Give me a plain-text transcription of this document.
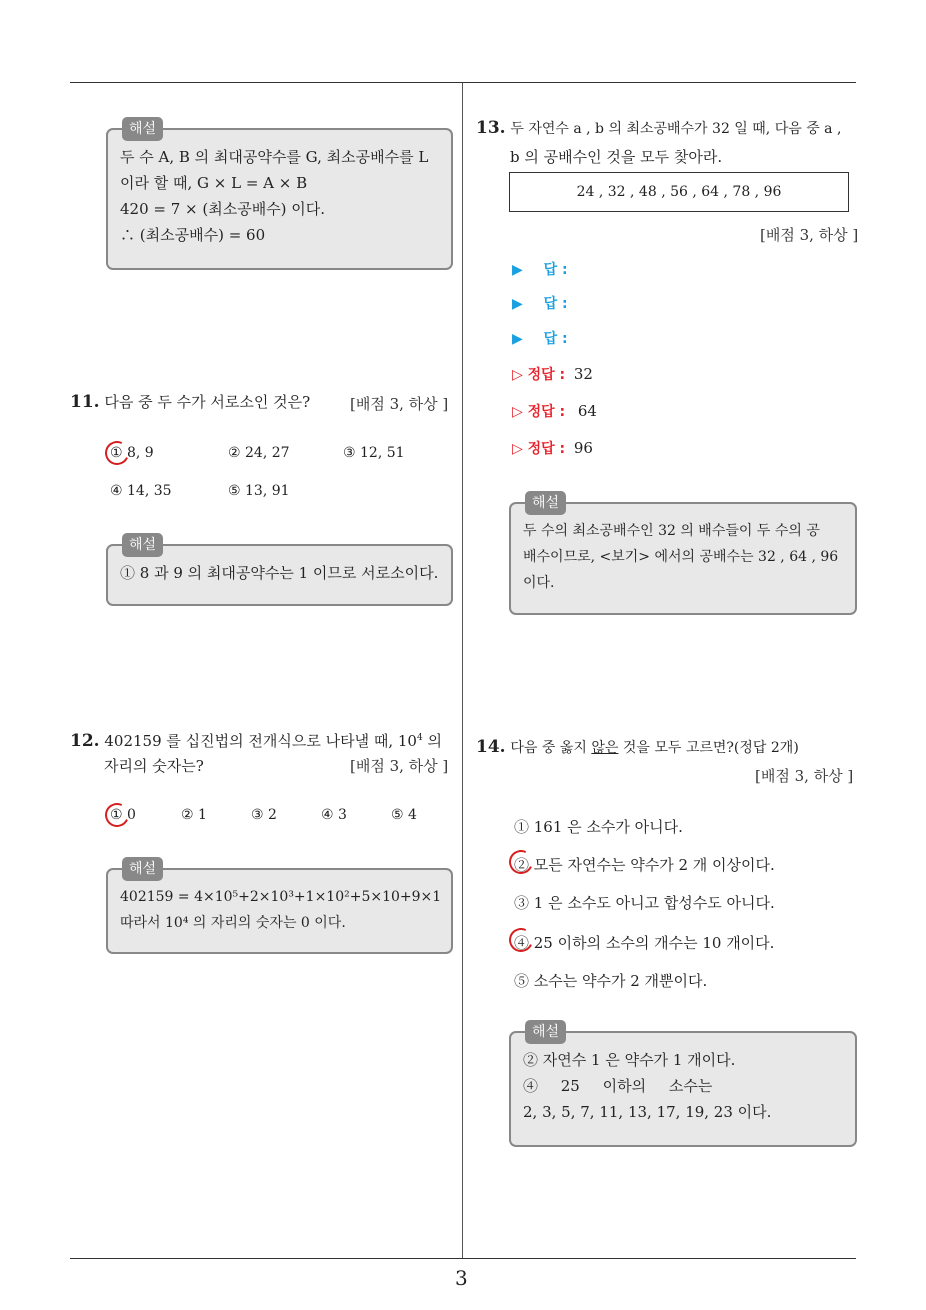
3
해설
두 수 A, B 의 최대공약수를 G, 최소공배수를 L
이라 할 때, G × L = A × B
420 = 7 × (최소공배수) 이다.
∴ (최소공배수) = 60
11. 다음 중 두 수가 서로소인 것은?	[배점 3, 하상 ]
① 8, 9	② 24, 27	③ 12, 51
④ 14, 35	⑤ 13, 91
해설
① 8 과 9 의 최대공약수는 1 이므로 서로소이다.
12. 402159 를 십진법의 전개식으로 나타낼 때, $10^4$ 의
자리의 숫자는?	[배점 3, 하상 ]
① 0	② 1	③ 2	④ 3	⑤ 4
해설
402159 = 4×10⁵+2×10³+1×10²+5×10+9×1
따라서 10⁴ 의 자리의 숫자는 0 이다.
13. 두 자연수 a , b 의 최소공배수가 32 일 때, 다음 중 a ,
b 의 공배수인 것을 모두 찾아라.
24 , 32 , 48 , 56 , 64 , 78 , 96
[배점 3, 하상 ]
▶ 답 :
▶ 답 :
▶ 답 :
▷ 정답 : 32
▷ 정답 : 64
▷ 정답 : 96
해설
두 수의 최소공배수인 32 의 배수들이 두 수의 공
배수이므로, <보기> 에서의 공배수는 32 , 64 , 96
이다.
14. 다음 중 옳지 않은 것을 모두 고르면?(정답 2개)
[배점 3, 하상 ]
① 161 은 소수가 아니다.
② 모든 자연수는 약수가 2 개 이상이다.
③ 1 은 소수도 아니고 합성수도 아니다.
④ 25 이하의 소수의 개수는 10 개이다.
⑤ 소수는 약수가 2 개뿐이다.
해설
② 자연수 1 은 약수가 1 개이다.
④ 25 이하의 소수는
2, 3, 5, 7, 11, 13, 17, 19, 23 이다.
